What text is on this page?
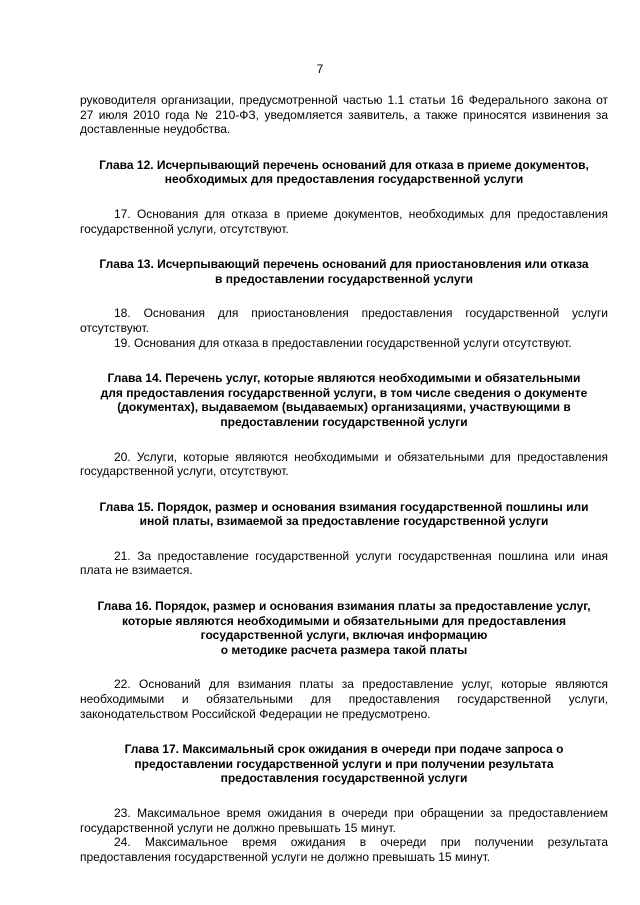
7

руководителя организации, предусмотренной частью 1.1 статьи 16 Федерального закона от 27 июля 2010 года № 210-ФЗ, уведомляется заявитель, а также приносятся извинения за доставленные неудобства.

Глава 12. Исчерпывающий перечень оснований для отказа в приеме документов,
необходимых для предоставления государственной услуги

17. Основания для отказа в приеме документов, необходимых для предоставления государственной услуги, отсутствуют.

Глава 13. Исчерпывающий перечень оснований для приостановления или отказа
в предоставлении государственной услуги

18. Основания для приостановления предоставления государственной услуги отсутствуют.

19. Основания для отказа в предоставлении государственной услуги отсутствуют.

Глава 14. Перечень услуг, которые являются необходимыми и обязательными
для предоставления государственной услуги, в том числе сведения о документе
(документах), выдаваемом (выдаваемых) организациями, участвующими в
предоставлении государственной услуги

20. Услуги, которые являются необходимыми и обязательными для предоставления государственной услуги, отсутствуют.

Глава 15. Порядок, размер и основания взимания государственной пошлины или
иной платы, взимаемой за предоставление государственной услуги

21. За предоставление государственной услуги государственная пошлина или иная плата не взимается.

Глава 16. Порядок, размер и основания взимания платы за предоставление услуг,
которые являются необходимыми и обязательными для предоставления
государственной услуги, включая информацию
о методике расчета размера такой платы

22. Оснований для взимания платы за предоставление услуг, которые являются необходимыми и обязательными для предоставления государственной услуги, законодательством Российской Федерации не предусмотрено.

Глава 17. Максимальный срок ожидания в очереди при подаче запроса о
предоставлении государственной услуги и при получении результата
предоставления государственной услуги

23. Максимальное время ожидания в очереди при обращении за предоставлением государственной услуги не должно превышать 15 минут.

24. Максимальное время ожидания в очереди при получении результата предоставления государственной услуги не должно превышать 15 минут.
